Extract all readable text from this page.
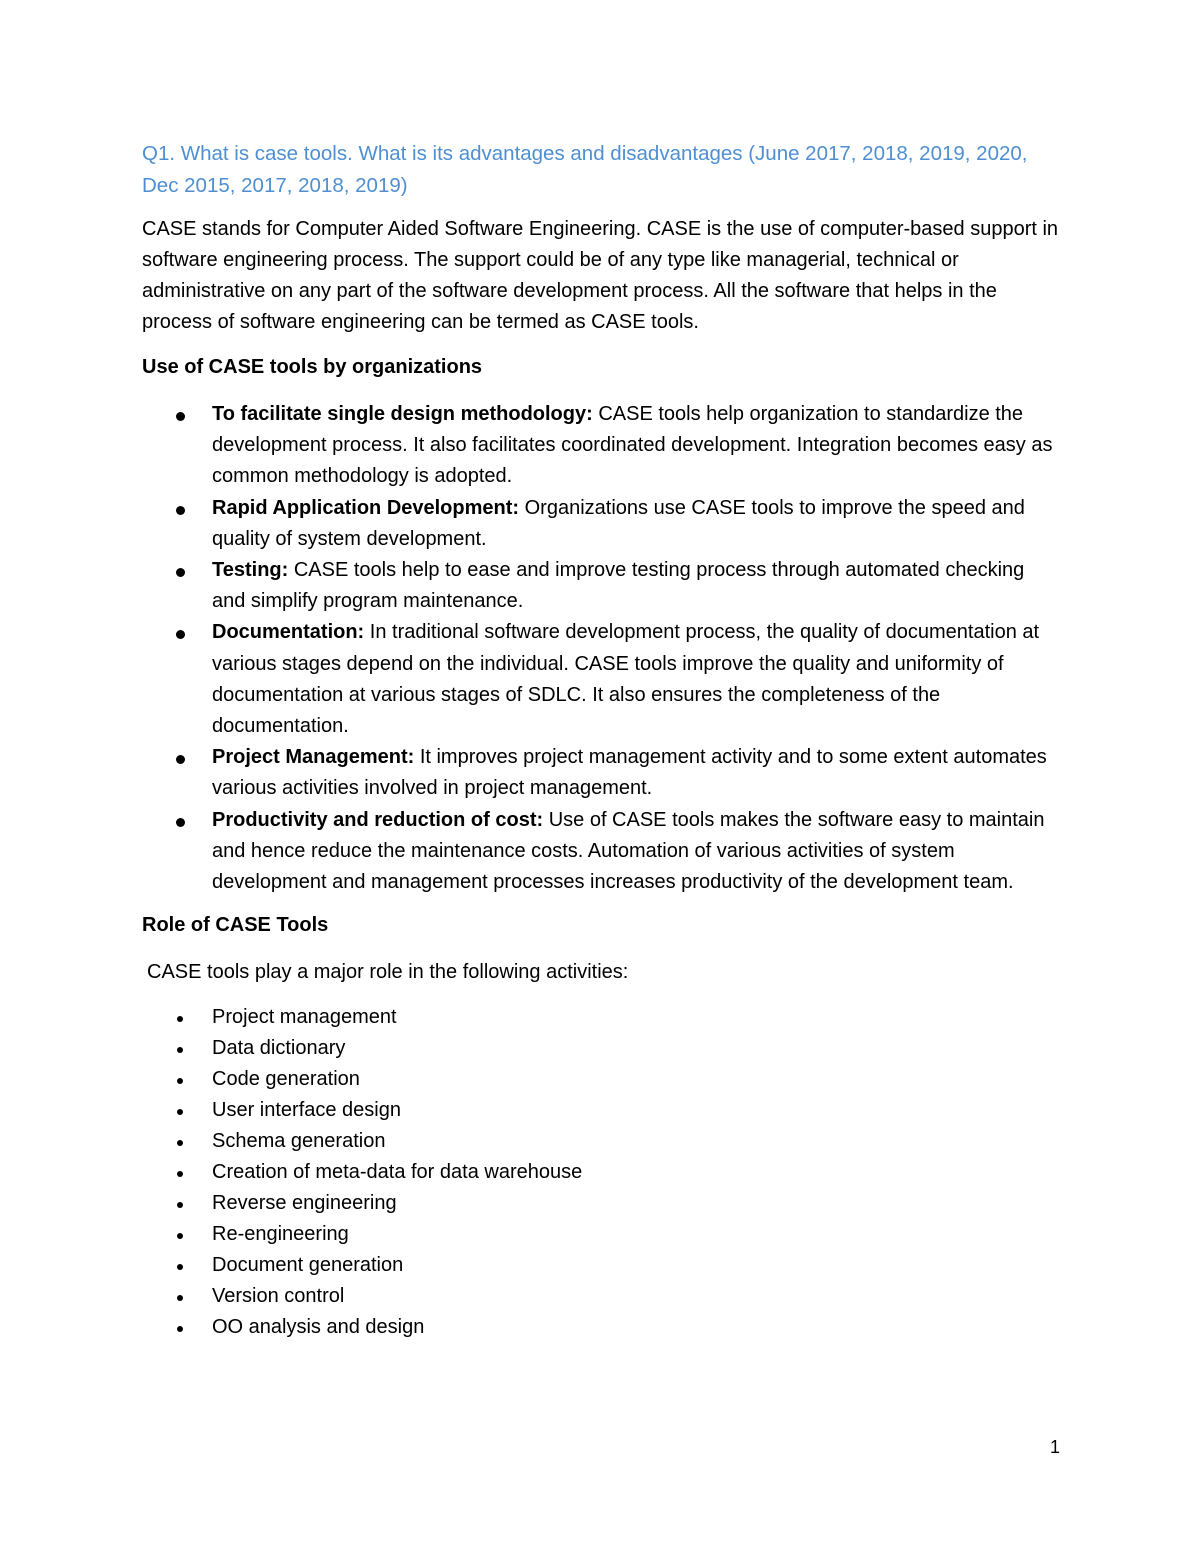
Q1. What is case tools. What is its advantages and disadvantages (June 2017, 2018, 2019, 2020, Dec 2015, 2017, 2018, 2019)

CASE stands for Computer Aided Software Engineering. CASE is the use of computer-based support in software engineering process. The support could be of any type like managerial, technical or administrative on any part of the software development process. All the software that helps in the process of software engineering can be termed as CASE tools.

Use of CASE tools by organizations

To facilitate single design methodology: CASE tools help organization to standardize the development process. It also facilitates coordinated development. Integration becomes easy as common methodology is adopted.
Rapid Application Development: Organizations use CASE tools to improve the speed and quality of system development.
Testing: CASE tools help to ease and improve testing process through automated checking and simplify program maintenance.
Documentation: In traditional software development process, the quality of documentation at various stages depend on the individual. CASE tools improve the quality and uniformity of documentation at various stages of SDLC. It also ensures the completeness of the documentation.
Project Management: It improves project management activity and to some extent automates various activities involved in project management.
Productivity and reduction of cost: Use of CASE tools makes the software easy to maintain and hence reduce the maintenance costs. Automation of various activities of system development and management processes increases productivity of the development team.

Role of CASE Tools

CASE tools play a major role in the following activities:

Project management
Data dictionary
Code generation
User interface design
Schema generation
Creation of meta-data for data warehouse
Reverse engineering
Re-engineering
Document generation
Version control
OO analysis and design
1
